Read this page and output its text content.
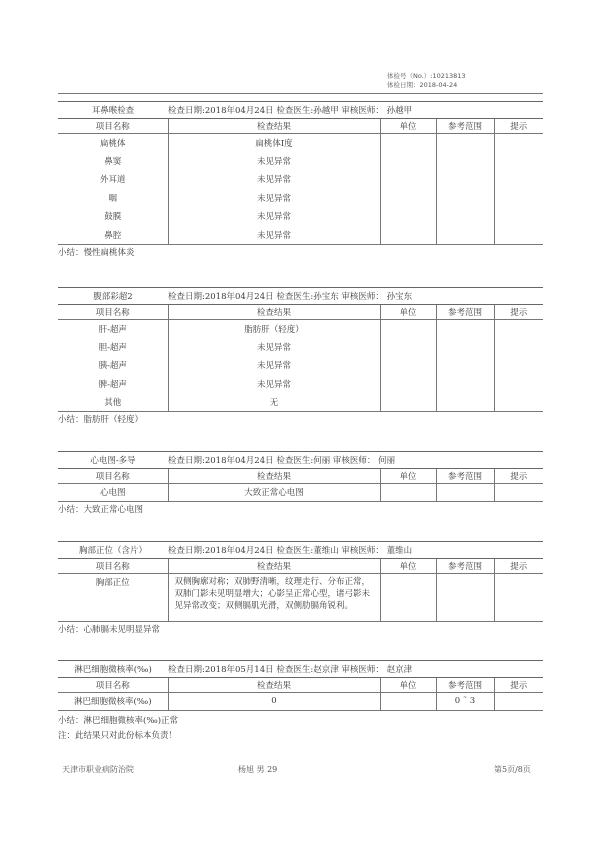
体检号（No.）:10213813
体检日期：2018-04-24
耳鼻喉检查	检查日期:2018年04月24日 检查医生:孙越甲 审核医师： 孙越甲
项目名称	检查结果	单位	参考范围	提示
扁桃体	扁桃体Ⅰ度			
鼻窦	未见异常			
外耳道	未见异常			
咽	未见异常			
鼓膜	未见异常			
鼻腔	未见异常			
小结：慢性扁桃体炎
腹部彩超2	检查日期:2018年04月24日 检查医生:孙宝东 审核医师： 孙宝东
项目名称	检查结果	单位	参考范围	提示
肝-超声	脂肪肝（轻度）			
胆-超声	未见异常			
胰-超声	未见异常			
脾-超声	未见异常			
其他	无			
小结：脂肪肝（轻度）
心电图-多导	检查日期:2018年04月24日 检查医生:何丽 审核医师： 何丽
项目名称	检查结果	单位	参考范围	提示
心电图	大致正常心电图			
小结：大致正常心电图
胸部正位（含片）	检查日期:2018年04月24日 检查医生:董维山 审核医师： 董维山
项目名称	检查结果	单位	参考范围	提示
胸部正位	双侧胸廓对称；双肺野清晰，纹理走行、分布正常，双肺门影未见明显增大；心影呈正常心型，诸弓影未见异常改变；双侧膈肌光滑，双侧肋膈角锐利。			
小结：心肺膈未见明显异常
淋巴细胞微核率(‰)	检查日期:2018年05月14日 检查医生:赵京津 审核医师： 赵京津
项目名称	检查结果	单位	参考范围	提示
淋巴细胞微核率(‰)	0		0 ˜ 3	
小结：淋巴细胞微核率(‰)正常
注：此结果只对此份标本负责！
天津市职业病防治院	杨旭 男 29	第5页/8页
